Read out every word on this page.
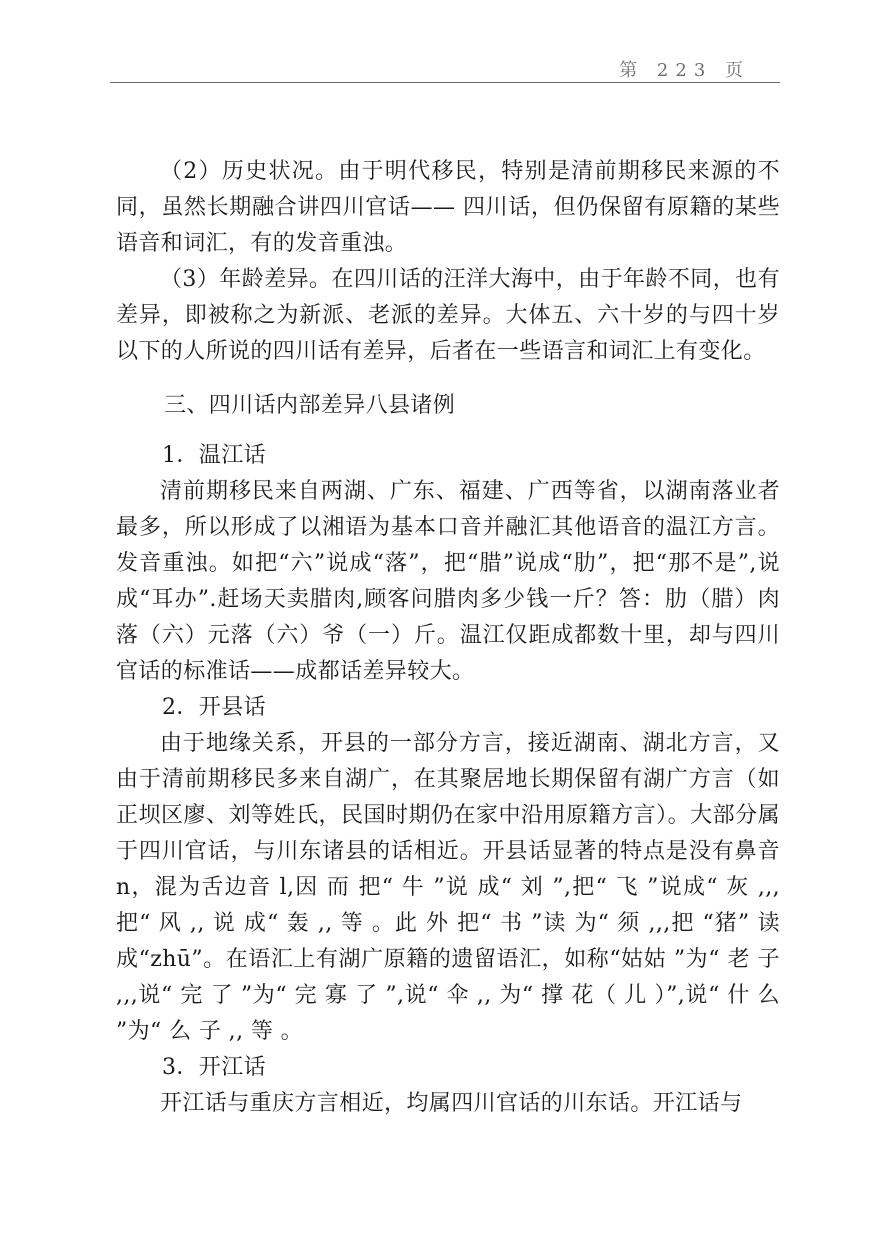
第 223 页

（2）历史状况。由于明代移民，特别是清前期移民来源的不同，虽然长期融合讲四川官话—— 四川话，但仍保留有原籍的某些语音和词汇，有的发音重浊。

（3）年龄差异。在四川话的汪洋大海中，由于年龄不同，也有差异，即被称之为新派、老派的差异。大体五、六十岁的与四十岁以下的人所说的四川话有差异，后者在一些语言和词汇上有变化。

三、四川话内部差异八县诸例

1．温江话

清前期移民来自两湖、广东、福建、广西等省，以湖南落业者最多，所以形成了以湘语为基本口音并融汇其他语音的温江方言。发音重浊。如把“六”说成“落”，把“腊”说成“肋”，把“那不是”,说成“耳办”.赶场天卖腊肉,顾客问腊肉多少钱一斤？答：肋（腊）肉落（六）元落（六）爷（一）斤。温江仅距成都数十里，却与四川官话的标准话——成都话差异较大。

2．开县话

由于地缘关系，开县的一部分方言，接近湖南、湖北方言，又由于清前期移民多来自湖广，在其聚居地长期保留有湖广方言（如正坝区廖、刘等姓氏，民国时期仍在家中沿用原籍方言）。大部分属于四川官话，与川东诸县的话相近。开县话显著的特点是没有鼻音 n，混为舌边音 l,因 而 把“ 牛 ”说 成“ 刘 ”,把“ 飞 ”说成“ 灰 ,,,把“ 风 ,, 说 成“ 轰 ,, 等 。此 外 把“ 书 ”读 为“ 须 ,,,把 “猪” 读成“zhū”。在语汇上有湖广原籍的遗留语汇，如称“姑姑 ”为“ 老 子 ,,,说“ 完 了 ”为“ 完 寡 了 ”,说“ 伞 ,, 为“ 撑 花（ 儿 ）”,说“ 什 么 ”为“ 么 子 ,, 等 。

3．开江话

开江话与重庆方言相近，均属四川官话的川东话。开江话与
